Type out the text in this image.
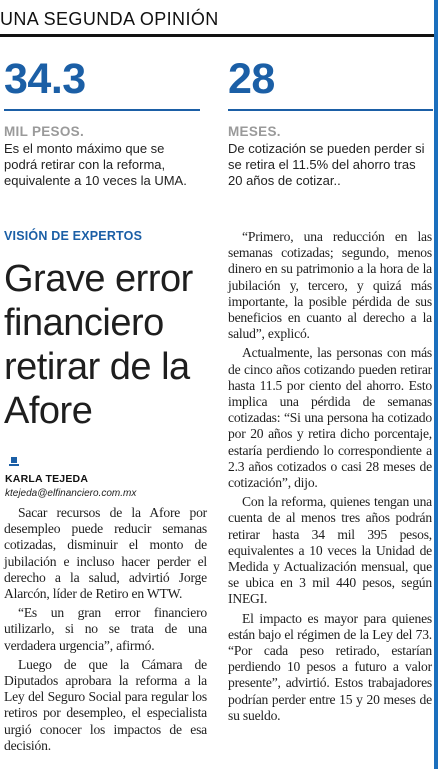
UNA SEGUNDA OPINIÓN
34.3
MIL PESOS.
Es el monto máximo que se podrá retirar con la reforma, equivalente a 10 veces la UMA.
28
MESES.
De cotización se pueden perder si se retira el 11.5% del ahorro tras 20 años de cotizar..
VISIÓN DE EXPERTOS
Grave error financiero retirar de la Afore
KARLA TEJEDA
ktejeda@elfinanciero.com.mx

Sacar recursos de la Afore por desempleo puede reducir semanas cotizadas, disminuir el monto de jubilación e incluso hacer perder el derecho a la salud, advirtió Jorge Alarcón, líder de Retiro en WTW.

“Es un gran error financiero utilizarlo, si no se trata de una verdadera urgencia”, afirmó.

Luego de que la Cámara de Diputados aprobara la reforma a la Ley del Seguro Social para regular los retiros por desempleo, el especialista urgió conocer los impactos de esa decisión.

“Primero, una reducción en las semanas cotizadas; segundo, menos dinero en su patrimonio a la hora de la jubilación y, tercero, y quizá más importante, la posible pérdida de sus beneficios en cuanto al derecho a la salud”, explicó.

Actualmente, las personas con más de cinco años cotizando pueden retirar hasta 11.5 por ciento del ahorro. Esto implica una pérdida de semanas cotizadas: “Si una persona ha cotizado por 20 años y retira dicho porcentaje, estaría perdiendo lo correspondiente a 2.3 años cotizados o casi 28 meses de cotización”, dijo.

Con la reforma, quienes tengan una cuenta de al menos tres años podrán retirar hasta 34 mil 395 pesos, equivalentes a 10 veces la Unidad de Medida y Actualización mensual, que se ubica en 3 mil 440 pesos, según INEGI.

El impacto es mayor para quienes están bajo el régimen de la Ley del 73. “Por cada peso retirado, estarían perdiendo 10 pesos a futuro a valor presente”, advirtió. Estos trabajadores podrían perder entre 15 y 20 meses de su sueldo.
